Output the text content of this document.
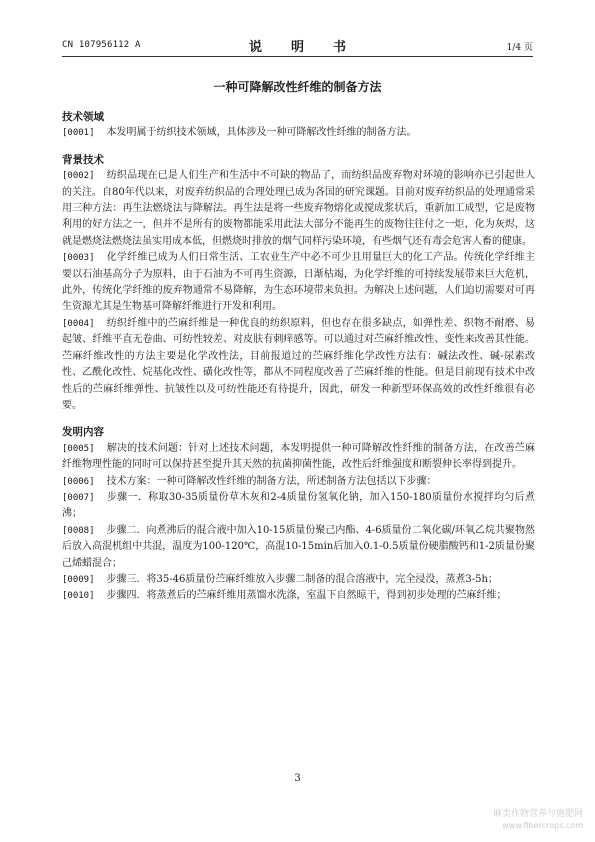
CN 107956112 A	说　明　书	1/4 页
一种可降解改性纤维的制备方法

技术领域

[0001] 本发明属于纺织技术领域，具体涉及一种可降解改性纤维的制备方法。

背景技术

[0002] 纺织品现在已是人们生产和生活中不可缺的物品了，而纺织品废弃物对环境的影响亦已引起世人的关注。自80年代以来，对废弃纺织品的合理处理已成为各国的研究课题。目前对废弃纺织品的处理通常采用三种方法：再生法燃烧法与降解法。再生法是将一些废弃物熔化或搅成浆状后，重新加工成型，它是废物利用的好方法之一，但并不是所有的废物都能采用此法大部分不能再生的废物往往付之一炬，化为灰烬，这就是燃烧法燃烧法虽实用成本低，但燃烧时排放的烟气同样污染环境，有些烟气还有毒会危害人畜的健康。

[0003] 化学纤维已成为人们日常生活、工农业生产中必不可少且用量巨大的化工产品。传统化学纤维主要以石油基高分子为原料，由于石油为不可再生资源，日渐枯竭，为化学纤维的可持续发展带来巨大危机，此外，传统化学纤维的废弃物通常不易降解，为生态环境带来负担。为解决上述问题，人们迫切需要对可再生资源尤其是生物基可降解纤维进行开发和利用。

[0004] 纺织纤维中的苎麻纤维是一种优良的纺织原料，但也存在很多缺点，如弹性差、织物不耐磨、易起皱、纤维平直无卷曲、可纺性较差、对皮肤有刺痒感等。可以通过对苎麻纤维改性、变性来改善其性能。苎麻纤维改性的方法主要是化学改性法，目前报道过的苎麻纤维化学改性方法有：碱法改性、碱-尿素改性、乙酰化改性、烷基化改性、磺化改性等，都从不同程度改善了苎麻纤维的性能。但是目前现有技术中改性后的苎麻纤维弹性、抗皱性以及可纺性能还有待提升，因此，研发一种新型环保高效的改性纤维很有必要。

发明内容

[0005] 解决的技术问题：针对上述技术问题，本发明提供一种可降解改性纤维的制备方法，在改善苎麻纤维物理性能的同时可以保持甚至提升其天然的抗菌抑菌性能，改性后纤维强度和断裂伸长率得到提升。

[0006] 技术方案：一种可降解改性纤维的制备方法，所述制备方法包括以下步骤：

[0007] 步骤一．称取30-35质量份草木灰和2-4质量份氢氧化钠，加入150-180质量份水搅拌均匀后煮沸；

[0008] 步骤二．向煮沸后的混合液中加入10-15质量份聚己内酯、4-6质量份二氧化碳/环氧乙烷共聚物然后放入高混机组中共混，温度为100-120℃，高混10-15min后加入0.1-0.5质量份硬脂酸钙和1-2质量份聚己烯蜡混合；

[0009] 步骤三．将35-46质量份苎麻纤维放入步骤二制备的混合溶液中，完全浸没，蒸煮3-5h；

[0010] 步骤四．将蒸煮后的苎麻纤维用蒸馏水洗涤，室温下自然晾干，得到初步处理的苎麻纤维；

3
麻类作物营养与施肥网
www.fibercrops.com
